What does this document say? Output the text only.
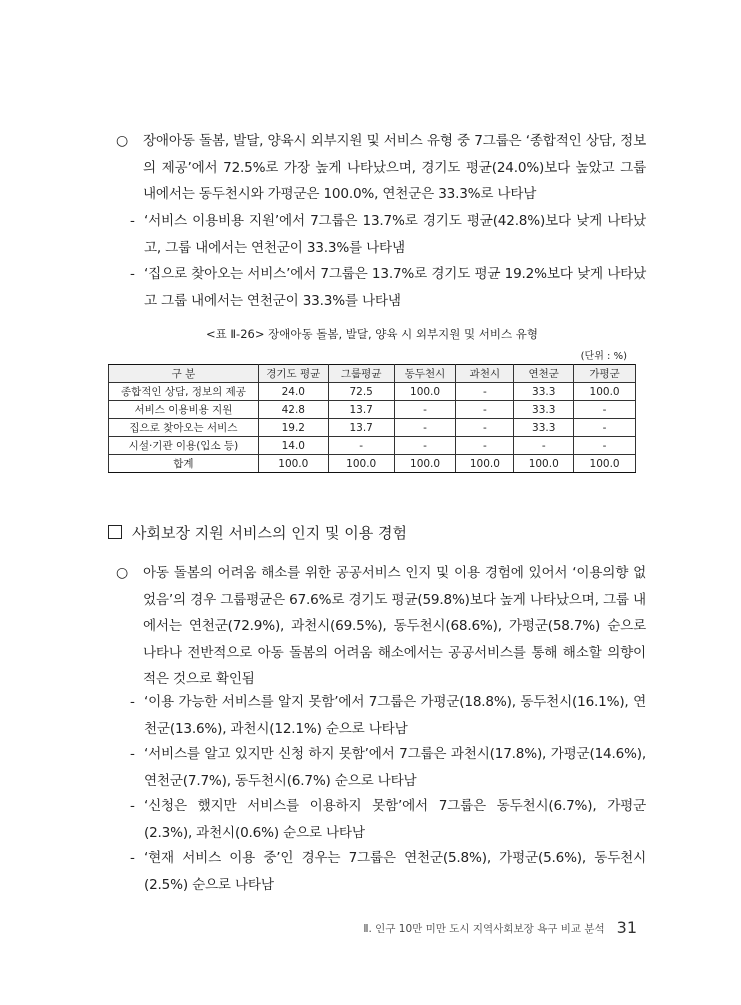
○ 장애아동 돌봄, 발달, 양육시 외부지원 및 서비스 유형 중 7그룹은 ‘종합적인 상담, 정보의 제공’에서 72.5%로 가장 높게 나타났으며, 경기도 평균(24.0%)보다 높았고 그룹 내에서는 동두천시와 가평군은 100.0%, 연천군은 33.3%로 나타남
- ‘서비스 이용비용 지원’에서 7그룹은 13.7%로 경기도 평균(42.8%)보다 낮게 나타났고, 그룹 내에서는 연천군이 33.3%를 나타냄
- ‘집으로 찾아오는 서비스’에서 7그룹은 13.7%로 경기도 평균 19.2%보다 낮게 나타났고 그룹 내에서는 연천군이 33.3%를 나타냄
<표 Ⅱ-26> 장애아동 돌봄, 발달, 양육 시 외부지원 및 서비스 유형
(단위 : %)
구 분	경기도 평균	그룹평균	동두천시	과천시	연천군	가평군
종합적인 상담, 정보의 제공	24.0	72.5	100.0	-	33.3	100.0
서비스 이용비용 지원	42.8	13.7	-	-	33.3	-
집으로 찾아오는 서비스	19.2	13.7	-	-	33.3	-
시설·기관 이용(입소 등)	14.0	-	-	-	-	-
합계	100.0	100.0	100.0	100.0	100.0	100.0
사회보장 지원 서비스의 인지 및 이용 경험
○ 아동 돌봄의 어려움 해소를 위한 공공서비스 인지 및 이용 경험에 있어서 ‘이용의향 없었음’의 경우 그룹평균은 67.6%로 경기도 평균(59.8%)보다 높게 나타났으며, 그룹 내에서는 연천군(72.9%), 과천시(69.5%), 동두천시(68.6%), 가평군(58.7%) 순으로 나타나 전반적으로 아동 돌봄의 어려움 해소에서는 공공서비스를 통해 해소할 의향이 적은 것으로 확인됨
- ‘이용 가능한 서비스를 알지 못함’에서 7그룹은 가평군(18.8%), 동두천시(16.1%), 연천군(13.6%), 과천시(12.1%) 순으로 나타남
- ‘서비스를 알고 있지만 신청 하지 못함’에서 7그룹은 과천시(17.8%), 가평군(14.6%), 연천군(7.7%), 동두천시(6.7%) 순으로 나타남
- ‘신청은 했지만 서비스를 이용하지 못함’에서 7그룹은 동두천시(6.7%), 가평군(2.3%), 과천시(0.6%) 순으로 나타남
- ‘현재 서비스 이용 중’인 경우는 7그룹은 연천군(5.8%), 가평군(5.6%), 동두천시(2.5%) 순으로 나타남
Ⅱ. 인구 10만 미만 도시 지역사회보장 욕구 비교 분석 31
